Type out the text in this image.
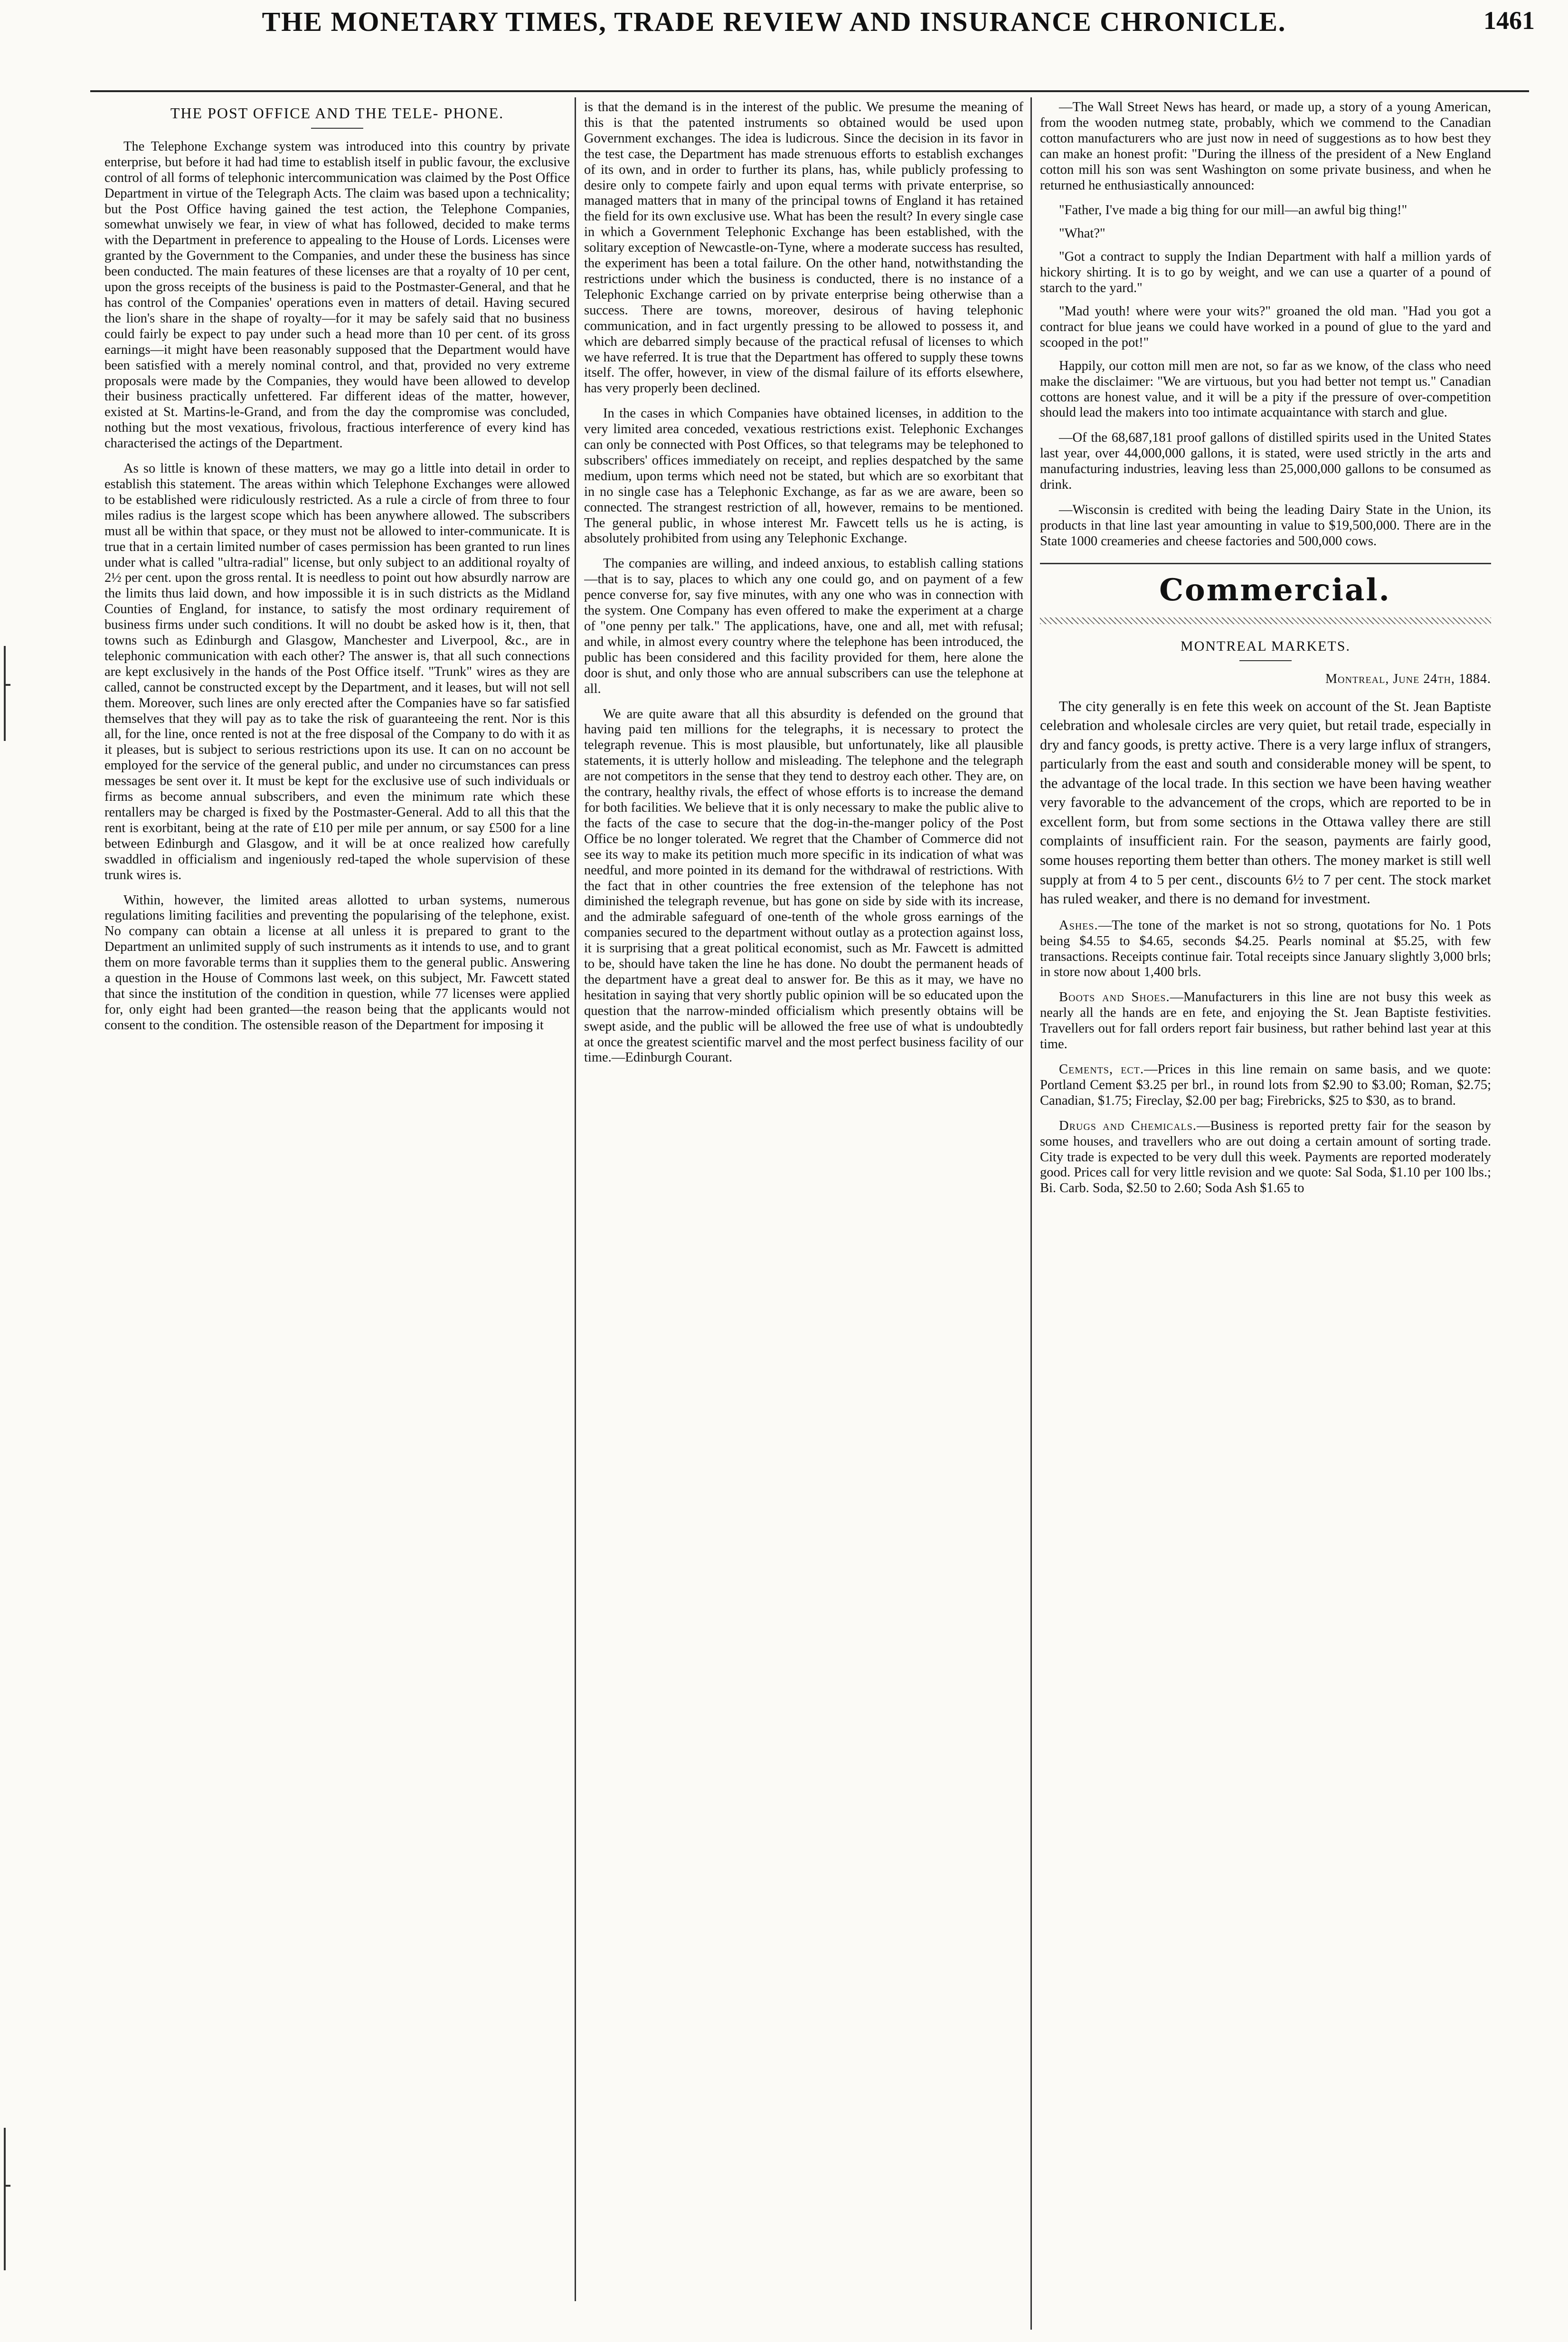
THE MONETARY TIMES, TRADE REVIEW AND INSURANCE CHRONICLE.	1461

THE POST OFFICE AND THE TELE- PHONE.

The Telephone Exchange system was introduced into this country by private enterprise, but before it had had time to establish itself in public favour, the exclusive control of all forms of telephonic intercommunication was claimed by the Post Office Department in virtue of the Telegraph Acts. The claim was based upon a technicality; but the Post Office having gained the test action, the Telephone Companies, somewhat unwisely we fear, in view of what has followed, decided to make terms with the Department in preference to appealing to the House of Lords. Licenses were granted by the Government to the Companies, and under these the business has since been conducted. The main features of these licenses are that a royalty of 10 per cent, upon the gross receipts of the business is paid to the Postmaster-General, and that he has control of the Companies' operations even in matters of detail. Having secured the lion's share in the shape of royalty—for it may be safely said that no business could fairly be expect to pay under such a head more than 10 per cent. of its gross earnings—it might have been reasonably supposed that the Department would have been satisfied with a merely nominal control, and that, provided no very extreme proposals were made by the Companies, they would have been allowed to develop their business practically unfettered. Far different ideas of the matter, however, existed at St. Martins-le-Grand, and from the day the compromise was concluded, nothing but the most vexatious, frivolous, fractious interference of every kind has characterised the actings of the Department.

As so little is known of these matters, we may go a little into detail in order to establish this statement. The areas within which Telephone Exchanges were allowed to be established were ridiculously restricted. As a rule a circle of from three to four miles radius is the largest scope which has been anywhere allowed. The subscribers must all be within that space, or they must not be allowed to inter-communicate. It is true that in a certain limited number of cases permission has been granted to run lines under what is called "ultra-radial" license, but only subject to an additional royalty of 2½ per cent. upon the gross rental. It is needless to point out how absurdly narrow are the limits thus laid down, and how impossible it is in such districts as the Midland Counties of England, for instance, to satisfy the most ordinary requirement of business firms under such conditions. It will no doubt be asked how is it, then, that towns such as Edinburgh and Glasgow, Manchester and Liverpool, &c., are in telephonic communication with each other? The answer is, that all such connections are kept exclusively in the hands of the Post Office itself. "Trunk" wires as they are called, cannot be constructed except by the Department, and it leases, but will not sell them. Moreover, such lines are only erected after the Companies have so far satisfied themselves that they will pay as to take the risk of guaranteeing the rent. Nor is this all, for the line, once rented is not at the free disposal of the Company to do with it as it pleases, but is subject to serious restrictions upon its use. It can on no account be employed for the service of the general public, and under no circumstances can press messages be sent over it. It must be kept for the exclusive use of such individuals or firms as become annual subscribers, and even the minimum rate which these rentallers may be charged is fixed by the Postmaster-General. Add to all this that the rent is exorbitant, being at the rate of £10 per mile per annum, or say £500 for a line between Edinburgh and Glasgow, and it will be at once realized how carefully swaddled in officialism and ingeniously red-taped the whole supervision of these trunk wires is.

Within, however, the limited areas allotted to urban systems, numerous regulations limiting facilities and preventing the popularising of the telephone, exist. No company can obtain a license at all unless it is prepared to grant to the Department an unlimited supply of such instruments as it intends to use, and to grant them on more favorable terms than it supplies them to the general public. Answering a question in the House of Commons last week, on this subject, Mr. Fawcett stated that since the institution of the condition in question, while 77 licenses were applied for, only eight had been granted—the reason being that the applicants would not consent to the condition. The ostensible reason of the Department for imposing it

is that the demand is in the interest of the public. We presume the meaning of this is that the patented instruments so obtained would be used upon Government exchanges. The idea is ludicrous. Since the decision in its favor in the test case, the Department has made strenuous efforts to establish exchanges of its own, and in order to further its plans, has, while publicly professing to desire only to compete fairly and upon equal terms with private enterprise, so managed matters that in many of the principal towns of England it has retained the field for its own exclusive use. What has been the result? In every single case in which a Government Telephonic Exchange has been established, with the solitary exception of Newcastle-on-Tyne, where a moderate success has resulted, the experiment has been a total failure. On the other hand, notwithstanding the restrictions under which the business is conducted, there is no instance of a Telephonic Exchange carried on by private enterprise being otherwise than a success. There are towns, moreover, desirous of having telephonic communication, and in fact urgently pressing to be allowed to possess it, and which are debarred simply because of the practical refusal of licenses to which we have referred. It is true that the Department has offered to supply these towns itself. The offer, however, in view of the dismal failure of its efforts elsewhere, has very properly been declined.

In the cases in which Companies have obtained licenses, in addition to the very limited area conceded, vexatious restrictions exist. Telephonic Exchanges can only be connected with Post Offices, so that telegrams may be telephoned to subscribers' offices immediately on receipt, and replies despatched by the same medium, upon terms which need not be stated, but which are so exorbitant that in no single case has a Telephonic Exchange, as far as we are aware, been so connected. The strangest restriction of all, however, remains to be mentioned. The general public, in whose interest Mr. Fawcett tells us he is acting, is absolutely prohibited from using any Telephonic Exchange.

The companies are willing, and indeed anxious, to establish calling stations—that is to say, places to which any one could go, and on payment of a few pence converse for, say five minutes, with any one who was in connection with the system. One Company has even offered to make the experiment at a charge of "one penny per talk." The applications, have, one and all, met with refusal; and while, in almost every country where the telephone has been introduced, the public has been considered and this facility provided for them, here alone the door is shut, and only those who are annual subscribers can use the telephone at all.

We are quite aware that all this absurdity is defended on the ground that having paid ten millions for the telegraphs, it is necessary to protect the telegraph revenue. This is most plausible, but unfortunately, like all plausible statements, it is utterly hollow and misleading. The telephone and the telegraph are not competitors in the sense that they tend to destroy each other. They are, on the contrary, healthy rivals, the effect of whose efforts is to increase the demand for both facilities. We believe that it is only necessary to make the public alive to the facts of the case to secure that the dog-in-the-manger policy of the Post Office be no longer tolerated. We regret that the Chamber of Commerce did not see its way to make its petition much more specific in its indication of what was needful, and more pointed in its demand for the withdrawal of restrictions. With the fact that in other countries the free extension of the telephone has not diminished the telegraph revenue, but has gone on side by side with its increase, and the admirable safeguard of one-tenth of the whole gross earnings of the companies secured to the department without outlay as a protection against loss, it is surprising that a great political economist, such as Mr. Fawcett is admitted to be, should have taken the line he has done. No doubt the permanent heads of the department have a great deal to answer for. Be this as it may, we have no hesitation in saying that very shortly public opinion will be so educated upon the question that the narrow-minded officialism which presently obtains will be swept aside, and the public will be allowed the free use of what is undoubtedly at once the greatest scientific marvel and the most perfect business facility of our time.—Edinburgh Courant.

—The Wall Street News has heard, or made up, a story of a young American, from the wooden nutmeg state, probably, which we commend to the Canadian cotton manufacturers who are just now in need of suggestions as to how best they can make an honest profit: "During the illness of the president of a New England cotton mill his son was sent Washington on some private business, and when he returned he enthusiastically announced:

"Father, I've made a big thing for our mill—an awful big thing!"

"What?"

"Got a contract to supply the Indian Department with half a million yards of hickory shirting. It is to go by weight, and we can use a quarter of a pound of starch to the yard."

"Mad youth! where were your wits?" groaned the old man. "Had you got a contract for blue jeans we could have worked in a pound of glue to the yard and scooped in the pot!"

Happily, our cotton mill men are not, so far as we know, of the class who need make the disclaimer: "We are virtuous, but you had better not tempt us." Canadian cottons are honest value, and it will be a pity if the pressure of over-competition should lead the makers into too intimate acquaintance with starch and glue.

—Of the 68,687,181 proof gallons of distilled spirits used in the United States last year, over 44,000,000 gallons, it is stated, were used strictly in the arts and manufacturing industries, leaving less than 25,000,000 gallons to be consumed as drink.

—Wisconsin is credited with being the leading Dairy State in the Union, its products in that line last year amounting in value to $19,500,000. There are in the State 1000 creameries and cheese factories and 500,000 cows.

Commercial.

MONTREAL MARKETS.

Montreal, June 24th, 1884.

The city generally is en fete this week on account of the St. Jean Baptiste celebration and wholesale circles are very quiet, but retail trade, especially in dry and fancy goods, is pretty active. There is a very large influx of strangers, particularly from the east and south and considerable money will be spent, to the advantage of the local trade. In this section we have been having weather very favorable to the advancement of the crops, which are reported to be in excellent form, but from some sections in the Ottawa valley there are still complaints of insufficient rain. For the season, payments are fairly good, some houses reporting them better than others. The money market is still well supply at from 4 to 5 per cent., discounts 6½ to 7 per cent. The stock market has ruled weaker, and there is no demand for investment.

Ashes.—The tone of the market is not so strong, quotations for No. 1 Pots being $4.55 to $4.65, seconds $4.25. Pearls nominal at $5.25, with few transactions. Receipts continue fair. Total receipts since January slightly 3,000 brls; in store now about 1,400 brls.

Boots and Shoes.—Manufacturers in this line are not busy this week as nearly all the hands are en fete, and enjoying the St. Jean Baptiste festivities. Travellers out for fall orders report fair business, but rather behind last year at this time.

Cements, ect.—Prices in this line remain on same basis, and we quote: Portland Cement $3.25 per brl., in round lots from $2.90 to $3.00; Roman, $2.75; Canadian, $1.75; Fireclay, $2.00 per bag; Firebricks, $25 to $30, as to brand.

Drugs and Chemicals.—Business is reported pretty fair for the season by some houses, and travellers who are out doing a certain amount of sorting trade. City trade is expected to be very dull this week. Payments are reported moderately good. Prices call for very little revision and we quote: Sal Soda, $1.10 per 100 lbs.; Bi. Carb. Soda, $2.50 to 2.60; Soda Ash $1.65 to
